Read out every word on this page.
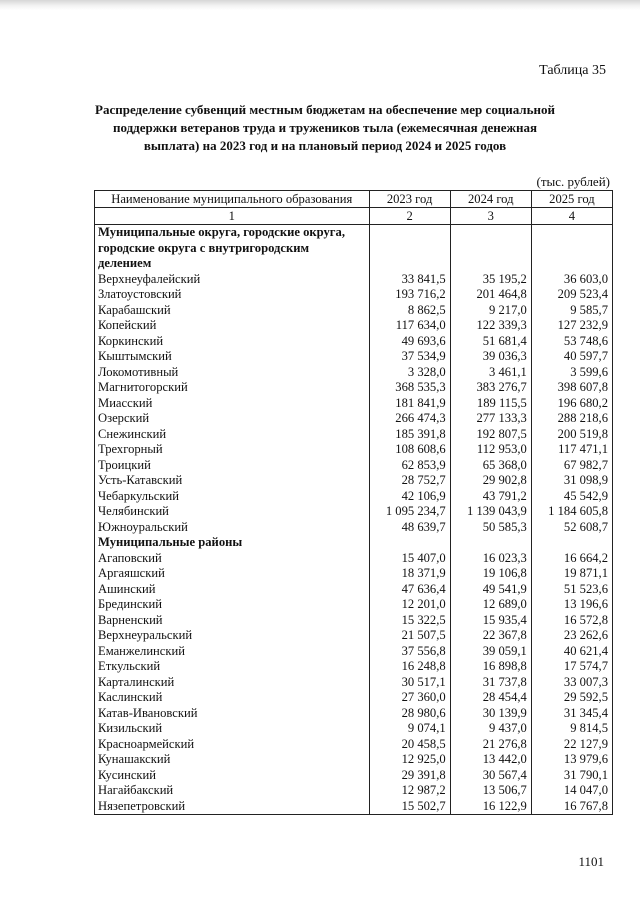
Таблица 35
Распределение субвенций местным бюджетам на обеспечение мер социальной поддержки ветеранов труда и тружеников тыла (ежемесячная денежная выплата) на 2023 год и на плановый период 2024 и 2025 годов
(тыс. рублей)
Наименование муниципального образования	2023 год	2024 год	2025 год
1	2	3	4
Муниципальные округа, городские округа, городские округа с внутригородским делением			
Верхнеуфалейский	33 841,5	35 195,2	36 603,0
Златоустовский	193 716,2	201 464,8	209 523,4
Карабашский	8 862,5	9 217,0	9 585,7
Копейский	117 634,0	122 339,3	127 232,9
Коркинский	49 693,6	51 681,4	53 748,6
Кыштымский	37 534,9	39 036,3	40 597,7
Локомотивный	3 328,0	3 461,1	3 599,6
Магнитогорский	368 535,3	383 276,7	398 607,8
Миасский	181 841,9	189 115,5	196 680,2
Озерский	266 474,3	277 133,3	288 218,6
Снежинский	185 391,8	192 807,5	200 519,8
Трехгорный	108 608,6	112 953,0	117 471,1
Троицкий	62 853,9	65 368,0	67 982,7
Усть-Катавский	28 752,7	29 902,8	31 098,9
Чебаркульский	42 106,9	43 791,2	45 542,9
Челябинский	1 095 234,7	1 139 043,9	1 184 605,8
Южноуральский	48 639,7	50 585,3	52 608,7
Муниципальные районы			
Агаповский	15 407,0	16 023,3	16 664,2
Аргаяшский	18 371,9	19 106,8	19 871,1
Ашинский	47 636,4	49 541,9	51 523,6
Брединский	12 201,0	12 689,0	13 196,6
Варненский	15 322,5	15 935,4	16 572,8
Верхнеуральский	21 507,5	22 367,8	23 262,6
Еманжелинский	37 556,8	39 059,1	40 621,4
Еткульский	16 248,8	16 898,8	17 574,7
Карталинский	30 517,1	31 737,8	33 007,3
Каслинский	27 360,0	28 454,4	29 592,5
Катав-Ивановский	28 980,6	30 139,9	31 345,4
Кизильский	9 074,1	9 437,0	9 814,5
Красноармейский	20 458,5	21 276,8	22 127,9
Кунашакский	12 925,0	13 442,0	13 979,6
Кусинский	29 391,8	30 567,4	31 790,1
Нагайбакский	12 987,2	13 506,7	14 047,0
Нязепетровский	15 502,7	16 122,9	16 767,8
1101
